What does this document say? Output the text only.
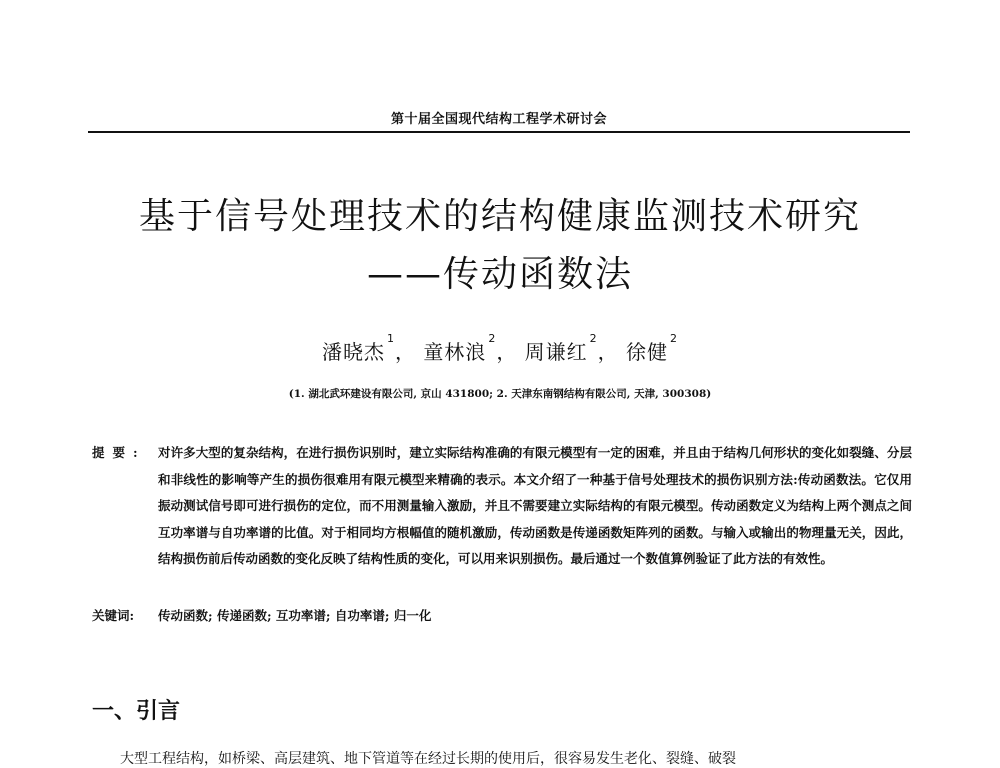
第十届全国现代结构工程学术研讨会
基于信号处理技术的结构健康监测技术研究
——传动函数法
潘晓杰$^1$， 童林浪$^2$， 周谦红$^2$， 徐健$^2$
(1. 湖北武环建设有限公司, 京山 431800; 2. 天津东南钢结构有限公司, 天津, 300308)
提要: 对许多大型的复杂结构，在进行损伤识别时，建立实际结构准确的有限元模型有一定的困难，并且由于结构几何形状的变化如裂缝、分层和非线性的影响等产生的损伤很难用有限元模型来精确的表示。本文介绍了一种基于信号处理技术的损伤识别方法:传动函数法。它仅用振动测试信号即可进行损伤的定位，而不用测量输入激励，并且不需要建立实际结构的有限元模型。传动函数定义为结构上两个测点之间互功率谱与自功率谱的比值。对于相同均方根幅值的随机激励，传动函数是传递函数矩阵列的函数。与输入或输出的物理量无关，因此，结构损伤前后传动函数的变化反映了结构性质的变化，可以用来识别损伤。最后通过一个数值算例验证了此方法的有效性。
关键词: 传动函数; 传递函数; 互功率谱; 自功率谱; 归一化
一、引言
大型工程结构，如桥梁、高层建筑、地下管道等在经过长期的使用后，很容易发生老化、裂缝、破裂
